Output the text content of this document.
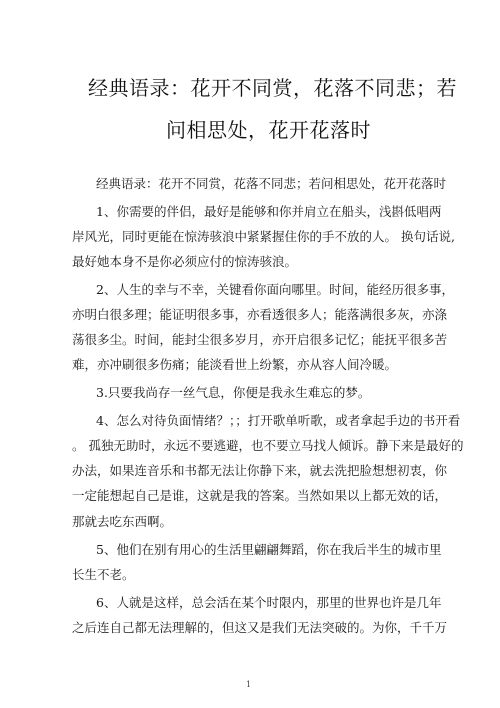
经典语录：花开不同赏，花落不同悲；若
问相思处，花开花落时
经典语录：花开不同赏，花落不同悲；若问相思处，花开花落时
1、你需要的伴侣，最好是能够和你并肩立在船头，浅斟低唱两
岸风光，同时更能在惊涛骇浪中紧紧握住你的手不放的人。 换句话说,
最好她本身不是你必须应付的惊涛骇浪。
2、人生的幸与不幸，关键看你面向哪里。时间，能经历很多事，
亦明白很多理；能证明很多事，亦看透很多人；能落满很多灰，亦涤
荡很多尘。时间，能封尘很多岁月，亦开启很多记忆；能抚平很多苦
难，亦冲刷很多伤痛；能淡看世上纷繁，亦从容人间冷暖。
3.只要我尚存一丝气息，你便是我永生难忘的梦。
4、怎么对待负面情绪？；；打开歌单听歌，或者拿起手边的书开看
。 孤独无助时，永远不要逃避，也不要立马找人倾诉。静下来是最好的
办法，如果连音乐和书都无法让你静下来，就去洗把脸想想初衷，你
一定能想起自己是谁，这就是我的答案。当然如果以上都无效的话，
那就去吃东西啊。
5、他们在别有用心的生活里翩翩舞蹈，你在我后半生的城市里
长生不老。
6、人就是这样，总会活在某个时限内，那里的世界也许是几年
之后连自己都无法理解的，但这又是我们无法突破的。为你，千千万
1
